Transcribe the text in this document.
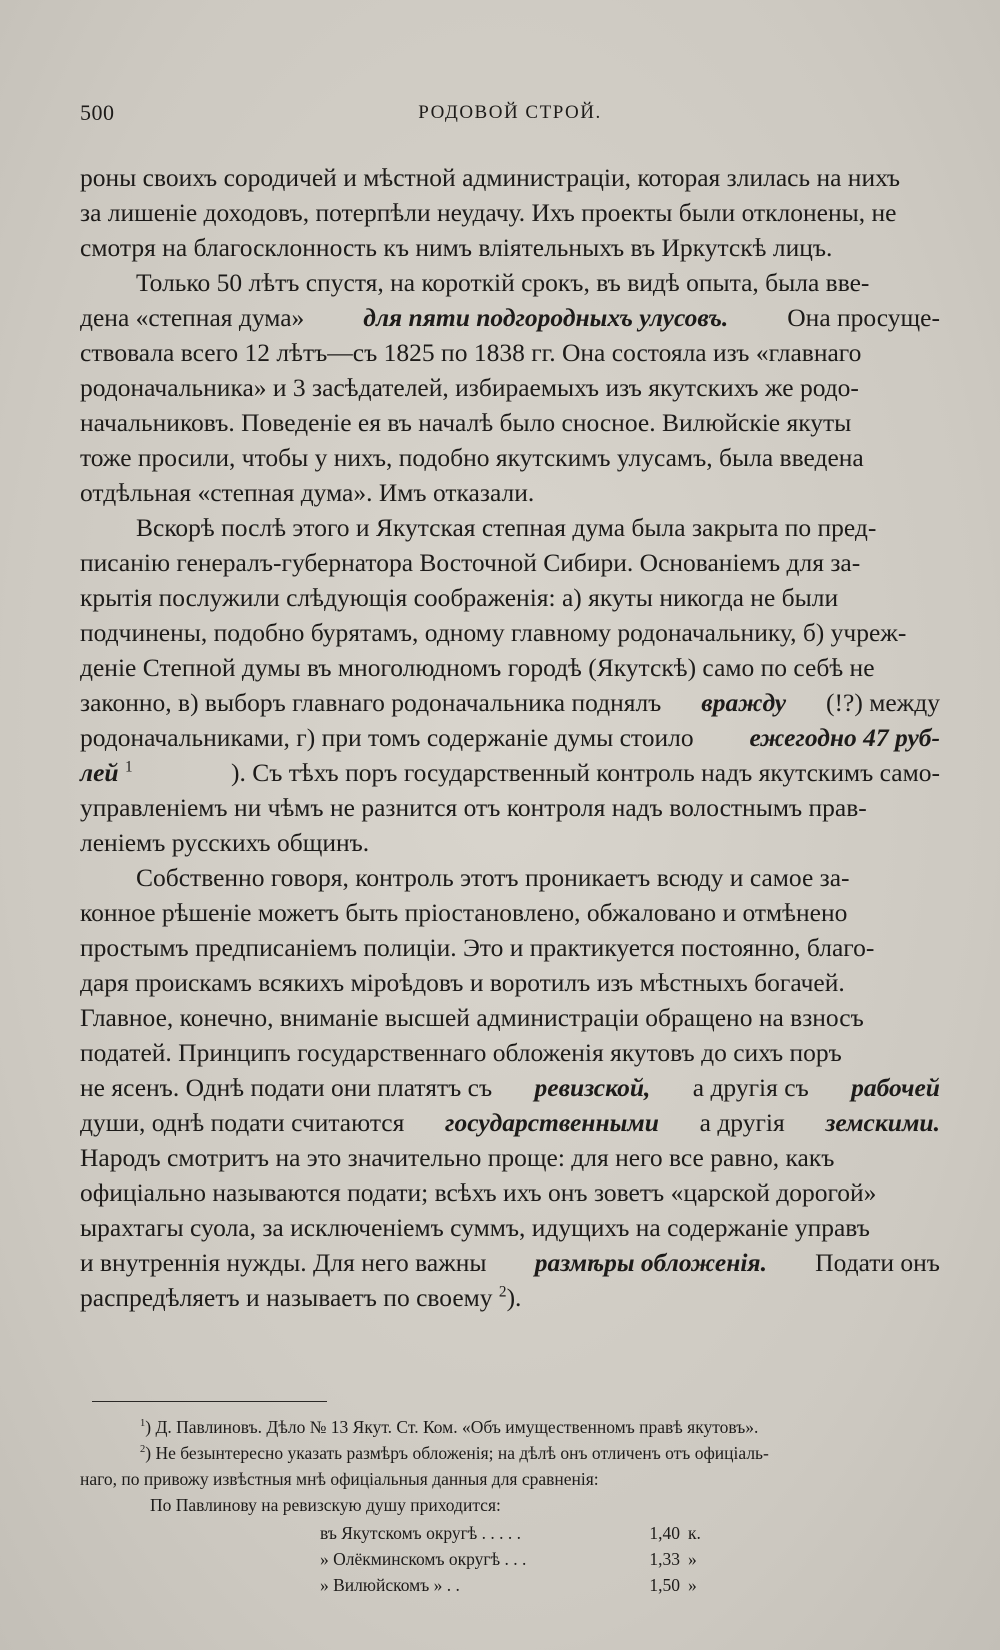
500	РОДОВОЙ СТРОЙ.
роны своихъ сородичей и мѣстной администрацiи, которая злилась на нихъ
за лишенiе доходовъ, потерпѣли неудачу. Ихъ проекты были отклонены, не
смотря на благосклонность къ нимъ влiятельныхъ въ Иркутскѣ лицъ.
Только 50 лѣтъ спустя, на короткiй срокъ, въ видѣ опыта, была вве-
дена «степная дума» для пяти подгородныхъ улусовъ. Она просуще-
ствовала всего 12 лѣтъ—съ 1825 по 1838 гг. Она состояла изъ «главнаго
родоначальника» и 3 засѣдателей, избираемыхъ изъ якутскихъ же родо-
начальниковъ. Поведенiе ея въ началѣ было сносное. Вилюйскiе якуты
тоже просили, чтобы у нихъ, подобно якутскимъ улусамъ, была введена
отдѣльная «степная дума». Имъ отказали.
Вскорѣ послѣ этого и Якутская степная дума была закрыта по пред-
писанiю генералъ-губернатора Восточной Сибири. Основанiемъ для за-
крытiя послужили слѣдующiя соображенiя: а) якуты никогда не были
подчинены, подобно бурятамъ, одному главному родоначальнику, б) учреж-
денiе Степной думы въ многолюдномъ городѣ (Якутскѣ) само по себѣ не
законно, в) выборъ главнаго родоначальника поднялъ вражду (!?) между
родоначальниками, г) при томъ содержанiе думы стоило ежегодно 47 руб-
лей $^1$	). Съ тѣхъ поръ государственный контроль надъ якутскимъ само-
управленiемъ ни чѣмъ не разнится отъ контроля надъ волостнымъ прав-
ленiемъ русскихъ общинъ.
Собственно говоря, контроль этотъ проникаетъ всюду и самое за-
конное рѣшенiе можетъ быть прiостановлено, обжаловано и отмѣнено
простымъ предписанiемъ полицiи. Это и практикуется постоянно, благо-
даря проискамъ всякихъ мiроѣдовъ и воротилъ изъ мѣстныхъ богачей.
Главное, конечно, вниманiе высшей администрацiи обращено на взносъ
податей. Принципъ государственнаго обложенiя якутовъ до сихъ поръ
не ясенъ. Однѣ подати они платятъ съ ревизской, а другiя съ рабочей
души, однѣ подати считаются государственными а другiя земскими.
Народъ смотритъ на это значительно проще: для него все равно, какъ
офицiально называются подати; всѣхъ ихъ онъ зоветъ «царской дорогой»
ырахтагы суола, за исключенiемъ суммъ, идущихъ на содержанiе управъ
и внутреннiя нужды. Для него важны размѣры обложенiя. Подати онъ
распредѣляетъ и называетъ по своему $^2$).
$^1$) Д. Павлиновъ. Дѣло № 13 Якут. Ст. Ком. «Объ имущественномъ правѣ якутовъ».
$^2$) Не безынтересно указать размѣръ обложенiя; на дѣлѣ онъ отличенъ отъ офицiаль-
наго, по привожу извѣстныя мнѣ офицiальныя данныя для сравненiя:
По Павлинову на ревизскую душу приходится:
въ Якутскомъ округѣ . . . . .	1,40 к.
» Олёкминскомъ округѣ . . .	1,33 »
» Вилюйскомъ » . .	1,50 »
